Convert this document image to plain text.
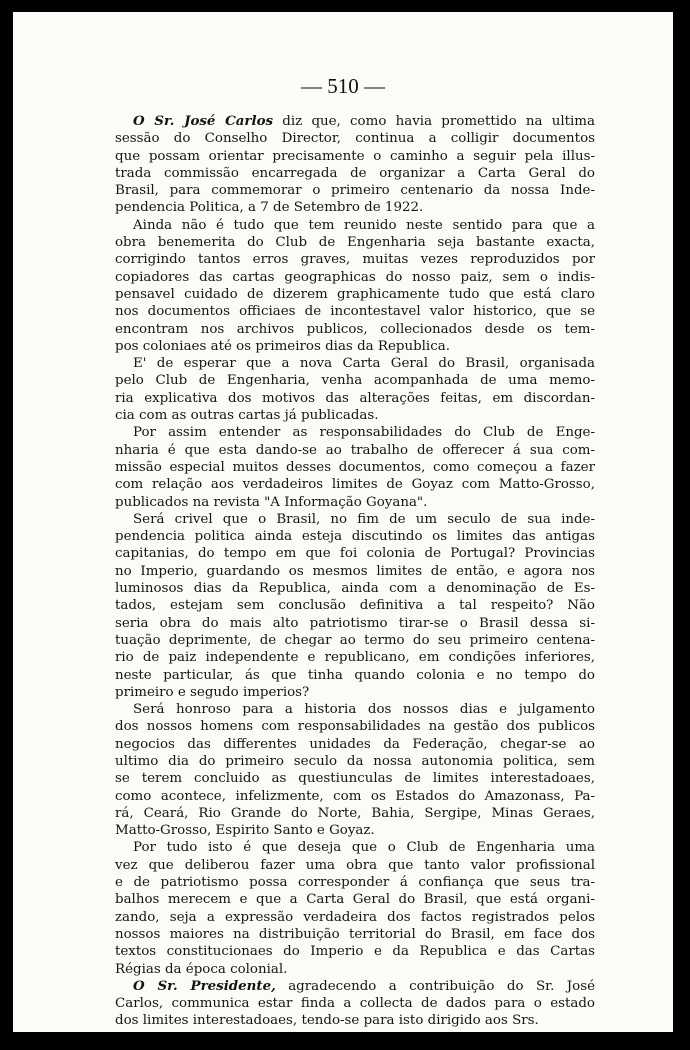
— 510 —

O Sr. José Carlos diz que, como havia promettido na ultima
sessão do Conselho Director, continua a colligir documentos
que possam orientar precisamente o caminho a seguir pela illus-
trada commissão encarregada de organizar a Carta Geral do
Brasil, para commemorar o primeiro centenario da nossa Inde-
pendencia Politica, a 7 de Setembro de 1922.

Ainda não é tudo que tem reunido neste sentido para que a
obra benemerita do Club de Engenharia seja bastante exacta,
corrigindo tantos erros graves, muitas vezes reproduzidos por
copiadores das cartas geographicas do nosso paiz, sem o indis-
pensavel cuidado de dizerem graphicamente tudo que está claro
nos documentos officiaes de incontestavel valor historico, que se
encontram nos archivos publicos, collecionados desde os tem-
pos coloniaes até os primeiros dias da Republica.

E' de esperar que a nova Carta Geral do Brasil, organisada
pelo Club de Engenharia, venha acompanhada de uma memo-
ria explicativa dos motivos das alterações feitas, em discordan-
cia com as outras cartas já publicadas.

Por assim entender as responsabilidades do Club de Enge-
nharia é que esta dando-se ao trabalho de offerecer á sua com-
missão especial muitos desses documentos, como começou a fazer
com relação aos verdadeiros limites de Goyaz com Matto-Grosso,
publicados na revista "A Informação Goyana".

Será crivel que o Brasil, no fim de um seculo de sua inde-
pendencia politica ainda esteja discutindo os limites das antigas
capitanias, do tempo em que foi colonia de Portugal? Provincias
no Imperio, guardando os mesmos limites de então, e agora nos
luminosos dias da Republica, ainda com a denominação de Es-
tados, estejam sem conclusão definitiva a tal respeito? Não
seria obra do mais alto patriotismo tirar-se o Brasil dessa si-
tuação deprimente, de chegar ao termo do seu primeiro centena-
rio de paiz independente e republicano, em condições inferiores,
neste particular, ás que tinha quando colonia e no tempo do
primeiro e segudo imperios?

Será honroso para a historia dos nossos dias e julgamento
dos nossos homens com responsabilidades na gestão dos publicos
negocios das differentes unidades da Federação, chegar-se ao
ultimo dia do primeiro seculo da nossa autonomia politica, sem
se terem concluido as questiunculas de limites interestadoaes,
como acontece, infelizmente, com os Estados do Amazonass, Pa-
rá, Ceará, Rio Grande do Norte, Bahia, Sergipe, Minas Geraes,
Matto-Grosso, Espirito Santo e Goyaz.

Por tudo isto é que deseja que o Club de Engenharia uma
vez que deliberou fazer uma obra que tanto valor profissional
e de patriotismo possa corresponder á confiança que seus tra-
balhos merecem e que a Carta Geral do Brasil, que está organi-
zando, seja a expressão verdadeira dos factos registrados pelos
nossos maiores na distribuição territorial do Brasil, em face dos
textos constitucionaes do Imperio e da Republica e das Cartas
Régias da época colonial.

O Sr. Presidente, agradecendo a contribuição do Sr. José
Carlos, communica estar finda a collecta de dados para o estado
dos limites interestadoaes, tendo-se para isto dirigido aos Srs.
